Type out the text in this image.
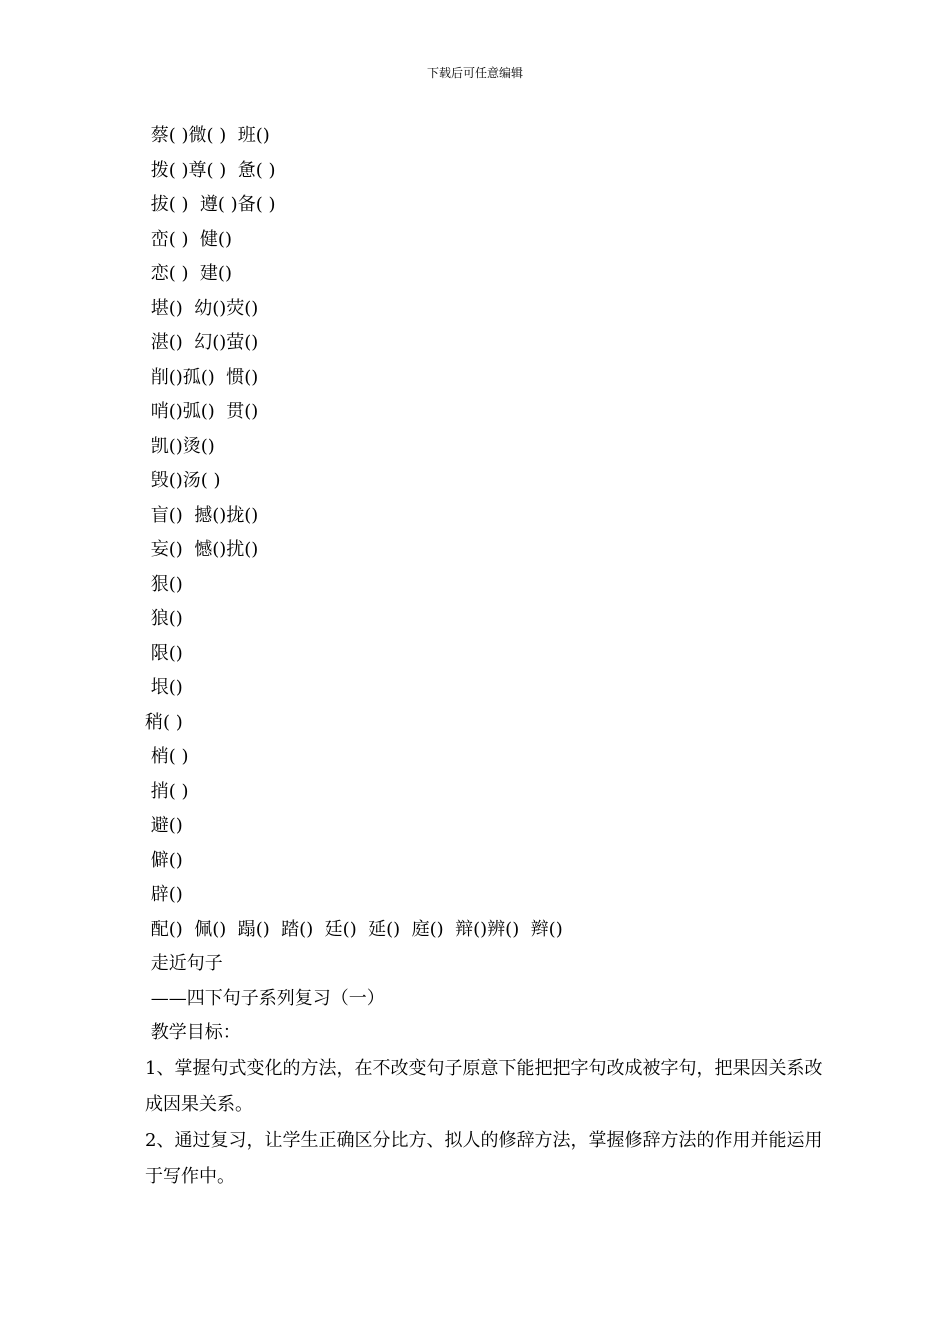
下载后可任意编辑
蔡( )微( )  班()
拨( )尊( )  惫( )
拔( )  遵( )备( )
峦( )  健()
恋( )  建()
堪()  幼()荧()
湛()  幻()萤()
削()孤()  惯()
哨()弧()  贯()
凯()烫()
毁()汤( )
盲()  撼()拢()
妄()  憾()扰()
狠()
狼()
限()
垠()
稍( )
梢( )
捎( )
避()
僻()
辟()
配()  佩()  蹋()  踏()  廷()  延()  庭()  辩()辨()  辫()
走近句子
——四下句子系列复习（一）
教学目标：

1、掌握句式变化的方法，在不改变句子原意下能把把字句改成被字句，把果因关系改成因果关系。

2、通过复习，让学生正确区分比方、拟人的修辞方法，掌握修辞方法的作用并能运用于写作中。
